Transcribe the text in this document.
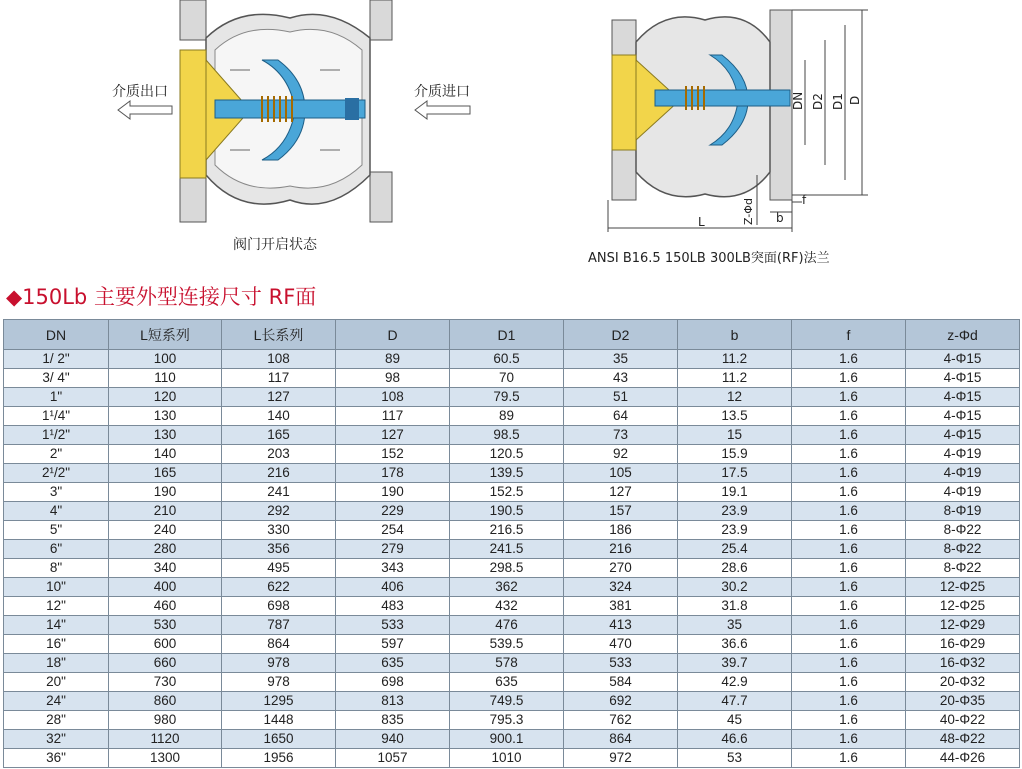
介质出口	介质进口
阀门开启状态
L	b
f
DN D2 D1 D
Z-Φd
ANSI B16.5 150LB 300LB突面(RF)法兰
◆150Lb 主要外型连接尺寸 RF面
DN	L短系列	L长系列	D	D1	D2	b	f	z-Φd
1/ 2"	100	108	89	60.5	35	11.2	1.6	4-Φ15
3/ 4"	110	117	98	70	43	11.2	1.6	4-Φ15
1"	120	127	108	79.5	51	12	1.6	4-Φ15
1¹/4"	130	140	117	89	64	13.5	1.6	4-Φ15
1¹/2"	130	165	127	98.5	73	15	1.6	4-Φ15
2"	140	203	152	120.5	92	15.9	1.6	4-Φ19
2¹/2"	165	216	178	139.5	105	17.5	1.6	4-Φ19
3"	190	241	190	152.5	127	19.1	1.6	4-Φ19
4"	210	292	229	190.5	157	23.9	1.6	8-Φ19
5"	240	330	254	216.5	186	23.9	1.6	8-Φ22
6"	280	356	279	241.5	216	25.4	1.6	8-Φ22
8"	340	495	343	298.5	270	28.6	1.6	8-Φ22
10"	400	622	406	362	324	30.2	1.6	12-Φ25
12"	460	698	483	432	381	31.8	1.6	12-Φ25
14"	530	787	533	476	413	35	1.6	12-Φ29
16"	600	864	597	539.5	470	36.6	1.6	16-Φ29
18"	660	978	635	578	533	39.7	1.6	16-Φ32
20"	730	978	698	635	584	42.9	1.6	20-Φ32
24"	860	1295	813	749.5	692	47.7	1.6	20-Φ35
28"	980	1448	835	795.3	762	45	1.6	40-Φ22
32"	1120	1650	940	900.1	864	46.6	1.6	48-Φ22
36"	1300	1956	1057	1010	972	53	1.6	44-Φ26
